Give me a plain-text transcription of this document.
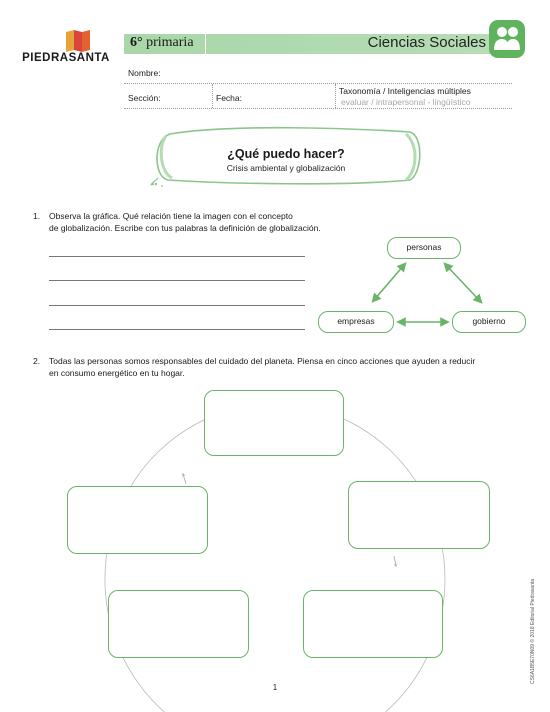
PIEDRASANTA
6° primaria	Ciencias Sociales
Nombre:
Sección:	Fecha:
Taxonomía / Inteligencias múltiples
evaluar / intrapersonal - lingüístico
¿Qué puedo hacer?
Crisis ambiental y globalización
1. Observa la gráfica. Qué relación tiene la imagen con el concepto
de globalización. Escribe con tus palabras la definición de globalización.
personas
empresas	gobierno
2. Todas las personas somos responsables del cuidado del planeta. Piensa en cinco acciones que ayuden a reducir
en consumo energético en tu hogar.
CS6A1B5E70N09 © 2018 Editorial Piedrasanta
1
